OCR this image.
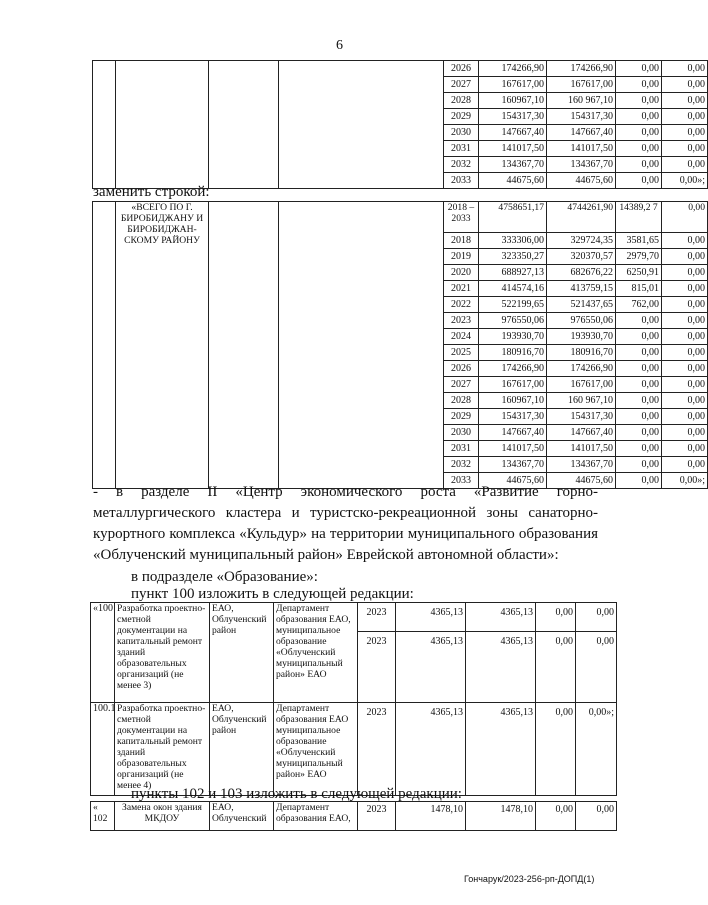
6
				2026	174266,90	174266,90	0,00	0,00
				2027	167617,00	167617,00	0,00	0,00
				2028	160967,10	160 967,10	0,00	0,00
				2029	154317,30	154317,30	0,00	0,00
				2030	147667,40	147667,40	0,00	0,00
				2031	141017,50	141017,50	0,00	0,00
				2032	134367,70	134367,70	0,00	0,00
				2033	44675,60	44675,60	0,00	0,00»;
заменить строкой:
	«ВСЕГО ПО Г. БИРОБИДЖАНУ И БИРОБИДЖАН-СКОМУ РАЙОНУ			2018 – 2033	4758651,17	4744261,90	14389,2 7	0,00
				2018	333306,00	329724,35	3581,65	0,00
				2019	323350,27	320370,57	2979,70	0,00
				2020	688927,13	682676,22	6250,91	0,00
				2021	414574,16	413759,15	815,01	0,00
				2022	522199,65	521437,65	762,00	0,00
				2023	976550,06	976550,06	0,00	0,00
				2024	193930,70	193930,70	0,00	0,00
				2025	180916,70	180916,70	0,00	0,00
				2026	174266,90	174266,90	0,00	0,00
				2027	167617,00	167617,00	0,00	0,00
				2028	160967,10	160 967,10	0,00	0,00
				2029	154317,30	154317,30	0,00	0,00
				2030	147667,40	147667,40	0,00	0,00
				2031	141017,50	141017,50	0,00	0,00
				2032	134367,70	134367,70	0,00	0,00
				2033	44675,60	44675,60	0,00	0,00»;
- в разделе II «Центр экономического роста «Развитие горно-металлургического кластера и туристско-рекреационной зоны санаторно-курортного комплекса «Кульдур» на территории муниципального образования «Облученский муниципальный район» Еврейской автономной области»:
в подразделе «Образование»:
пункт 100 изложить в следующей редакции:
«100	Разработка проектно-сметной документации на капитальный ремонт зданий образовательных организаций (не менее 3)	ЕАО, Облученский район	Департамент образования ЕАО, муниципальное образование «Облученский муниципальный район» ЕАО	2023	4365,13	4365,13	0,00	0,00
				2023	4365,13	4365,13	0,00	0,00
100.1	Разработка проектно-сметной документации на капитальный ремонт зданий образовательных организаций (не менее 4)	ЕАО, Облученский район	Департамент образования ЕАО муниципальное образование «Облученский муниципальный район» ЕАО	2023	4365,13	4365,13	0,00	0,00»;
пункты 102 и 103 изложить в следующей редакции:
« 102	Замена окон здания МКДОУ	ЕАО, Облученский	Департамент образования ЕАО,	2023	1478,10	1478,10	0,00	0,00
Гончарук/2023-256-рп-ДОПД(1)
